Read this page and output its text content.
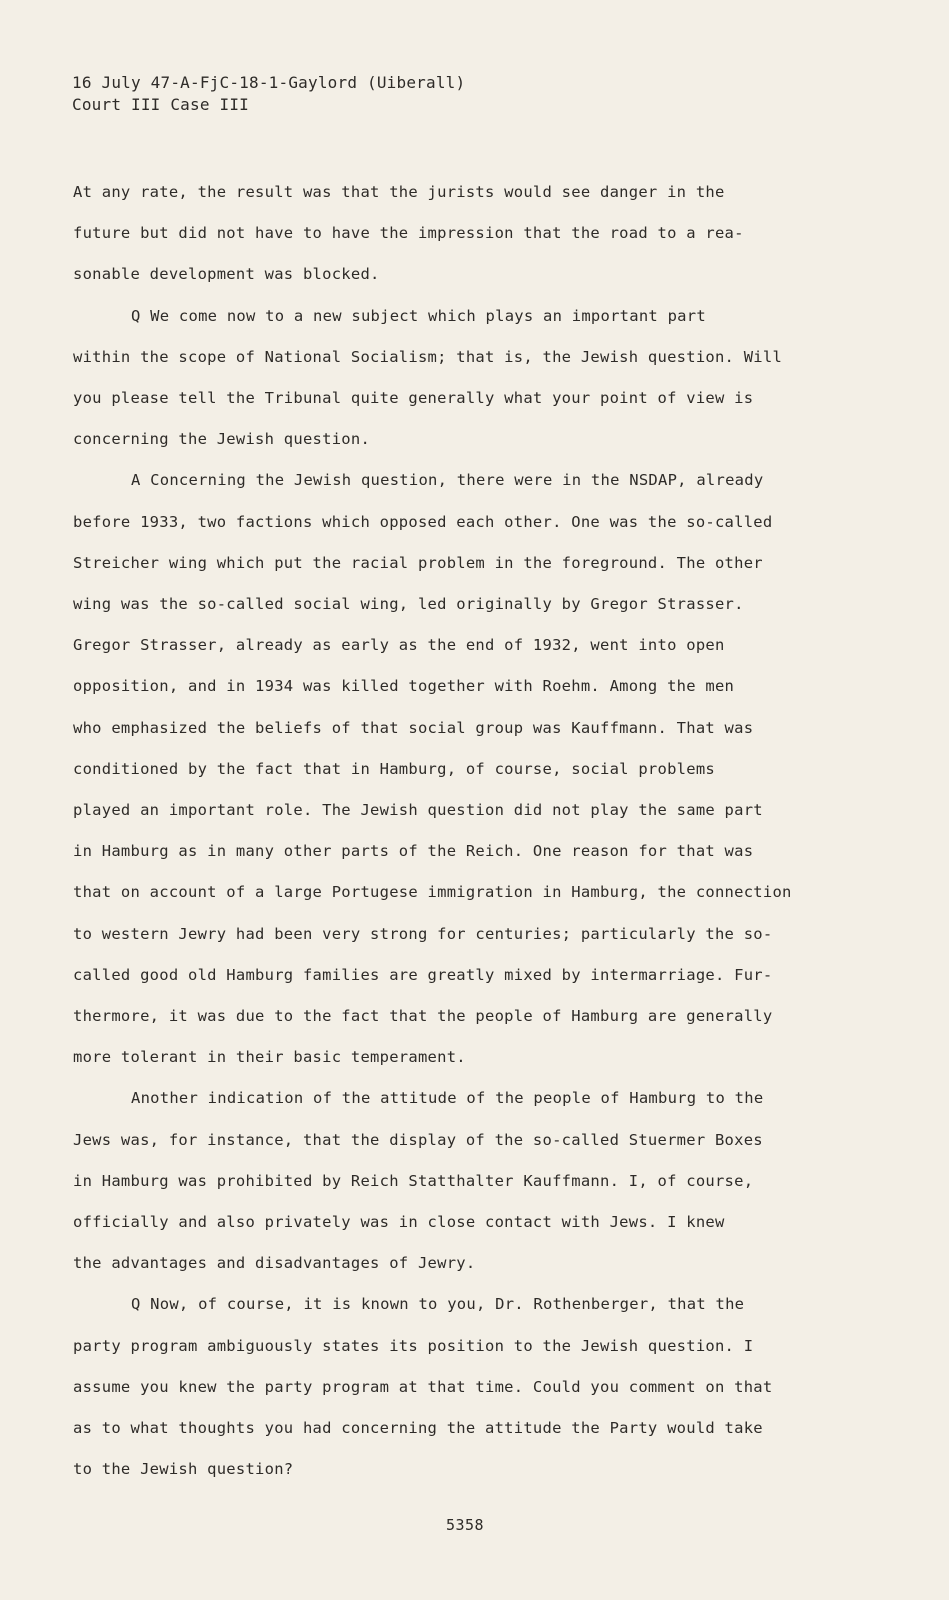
16 July 47-A-FjC-18-1-Gaylord (Uiberall)
Court III Case III
At any rate, the result was that the jurists would see danger in the
future but did not have to have the impression that the road to a rea-
sonable development was blocked.
Q We come now to a new subject which plays an important part
within the scope of National Socialism; that is, the Jewish question. Will
you please tell the Tribunal quite generally what your point of view is
concerning the Jewish question.
A Concerning the Jewish question, there were in the NSDAP, already
before 1933, two factions which opposed each other. One was the so-called
Streicher wing which put the racial problem in the foreground. The other
wing was the so-called social wing, led originally by Gregor Strasser.
Gregor Strasser, already as early as the end of 1932, went into open
opposition, and in 1934 was killed together with Roehm. Among the men
who emphasized the beliefs of that social group was Kauffmann. That was
conditioned by the fact that in Hamburg, of course, social problems
played an important role. The Jewish question did not play the same part
in Hamburg as in many other parts of the Reich. One reason for that was
that on account of a large Portugese immigration in Hamburg, the connection
to western Jewry had been very strong for centuries; particularly the so-
called good old Hamburg families are greatly mixed by intermarriage. Fur-
thermore, it was due to the fact that the people of Hamburg are generally
more tolerant in their basic temperament.
Another indication of the attitude of the people of Hamburg to the
Jews was, for instance, that the display of the so-called Stuermer Boxes
in Hamburg was prohibited by Reich Statthalter Kauffmann. I, of course,
officially and also privately was in close contact with Jews. I knew
the advantages and disadvantages of Jewry.
Q Now, of course, it is known to you, Dr. Rothenberger, that the
party program ambiguously states its position to the Jewish question. I
assume you knew the party program at that time. Could you comment on that
as to what thoughts you had concerning the attitude the Party would take
to the Jewish question?
5358
